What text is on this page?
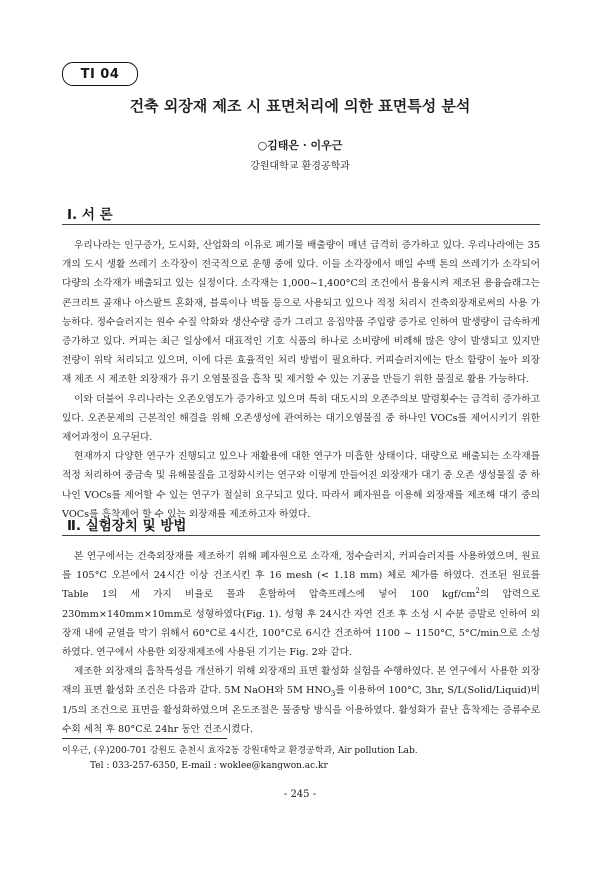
TI 04
건축 외장재 제조 시 표면처리에 의한 표면특성 분석
○김태은 · 이우근
강원대학교 환경공학과
Ⅰ. 서 론

우리나라는 인구증가, 도시화, 산업화의 이유로 폐기물 배출량이 매년 급격히 증가하고 있다. 우리나라에는 35개의 도시 생활 쓰레기 소각장이 전국적으로 운행 중에 있다. 이들 소각장에서 매일 수백 톤의 쓰레기가 소각되어 다량의 소각재가 배출되고 있는 실정이다. 소각재는 1,000~1,400°C의 조건에서 용융시켜 제조된 용융슬래그는 콘크리트 골재나 아스팔트 혼화재, 블록이나 벽돌 등으로 사용되고 있으나 적정 처리시 건축외장재로써의 사용 가능하다. 정수슬러지는 원수 수질 악화와 생산수량 증가 그리고 응집약품 주입량 증가로 인하여 발생량이 급속하게 증가하고 있다. 커피는 최근 일상에서 대표적인 기호 식품의 하나로 소비량에 비례해 많은 양이 발생되고 있지만 전량이 위탁 처리되고 있으며, 이에 다른 효율적인 처리 방법이 필요하다. 커피슬러지에는 탄소 함량이 높아 외장재 제조 시 제조한 외장재가 유기 오염물질을 흡착 및 제거할 수 있는 기공을 만들기 위한 물질로 활용 가능하다.

이와 더불어 우리나라는 오존오염도가 증가하고 있으며 특히 대도시의 오존주의보 발령횟수는 급격히 증가하고 있다. 오존문제의 근본적인 해결을 위해 오존생성에 관여하는 대기오염물질 중 하나인 VOCs를 제어시키기 위한 제어과정이 요구된다.

현재까지 다양한 연구가 진행되고 있으나 재활용에 대한 연구가 미흡한 상태이다. 대량으로 배출되는 소각재를 적정 처리하여 중금속 및 유해물질을 고정화시키는 연구와 이렇게 만들어진 외장재가 대기 중 오존 생성물질 중 하나인 VOCs를 제어할 수 있는 연구가 절실히 요구되고 있다. 따라서 폐자원을 이용해 외장재를 제조해 대기 중의 VOCs를 흡착제어 할 수 있는 외장재를 제조하고자 하였다.

Ⅱ. 실험장치 및 방법

본 연구에서는 건축외장재를 제조하기 위해 폐자원으로 소각재, 정수슬러지, 커피슬러지를 사용하였으며, 원료를 105°C 오븐에서 24시간 이상 건조시킨 후 16 mesh (< 1.18 mm) 체로 체가름 하였다. 건조된 원료를 Table 1의 세 가지 비율로 몰과 혼합하여 압축프레스에 넣어 100 kgf/$cm^2$의 압력으로 230mm×140mm×10mm로 성형하였다(Fig. 1). 성형 후 24시간 자연 건조 후 소성 시 수분 증발로 인하여 외장재 내에 균열을 막기 위해서 60°C로 4시간, 100°C로 6시간 건조하여 1100 ~ 1150°C, 5°C/min으로 소성하였다. 연구에서 사용한 외장재제조에 사용된 기기는 Fig. 2와 같다.

제조한 외장재의 흡착특성을 개선하기 위해 외장재의 표면 활성화 실험을 수행하였다. 본 연구에서 사용한 외장재의 표면 활성화 조건은 다음과 같다. 5M NaOH와 5M $HNO_3$를 이용하여 100°C, 3hr, S/L(Solid/Liquid)비 1/5의 조건으로 표면을 활성화하였으며 온도조절은 물중탕 방식을 이용하였다. 활성화가 끝난 흡착제는 증류수로 수회 세척 후 80°C로 24hr 동안 건조시켰다.

이우근, (우)200-701 강원도 춘천시 효자2동 강원대학교 환경공학과, Air pollution Lab.
Tel : 033-257-6350, E-mail : woklee@kangwon.ac.kr
- 245 -
